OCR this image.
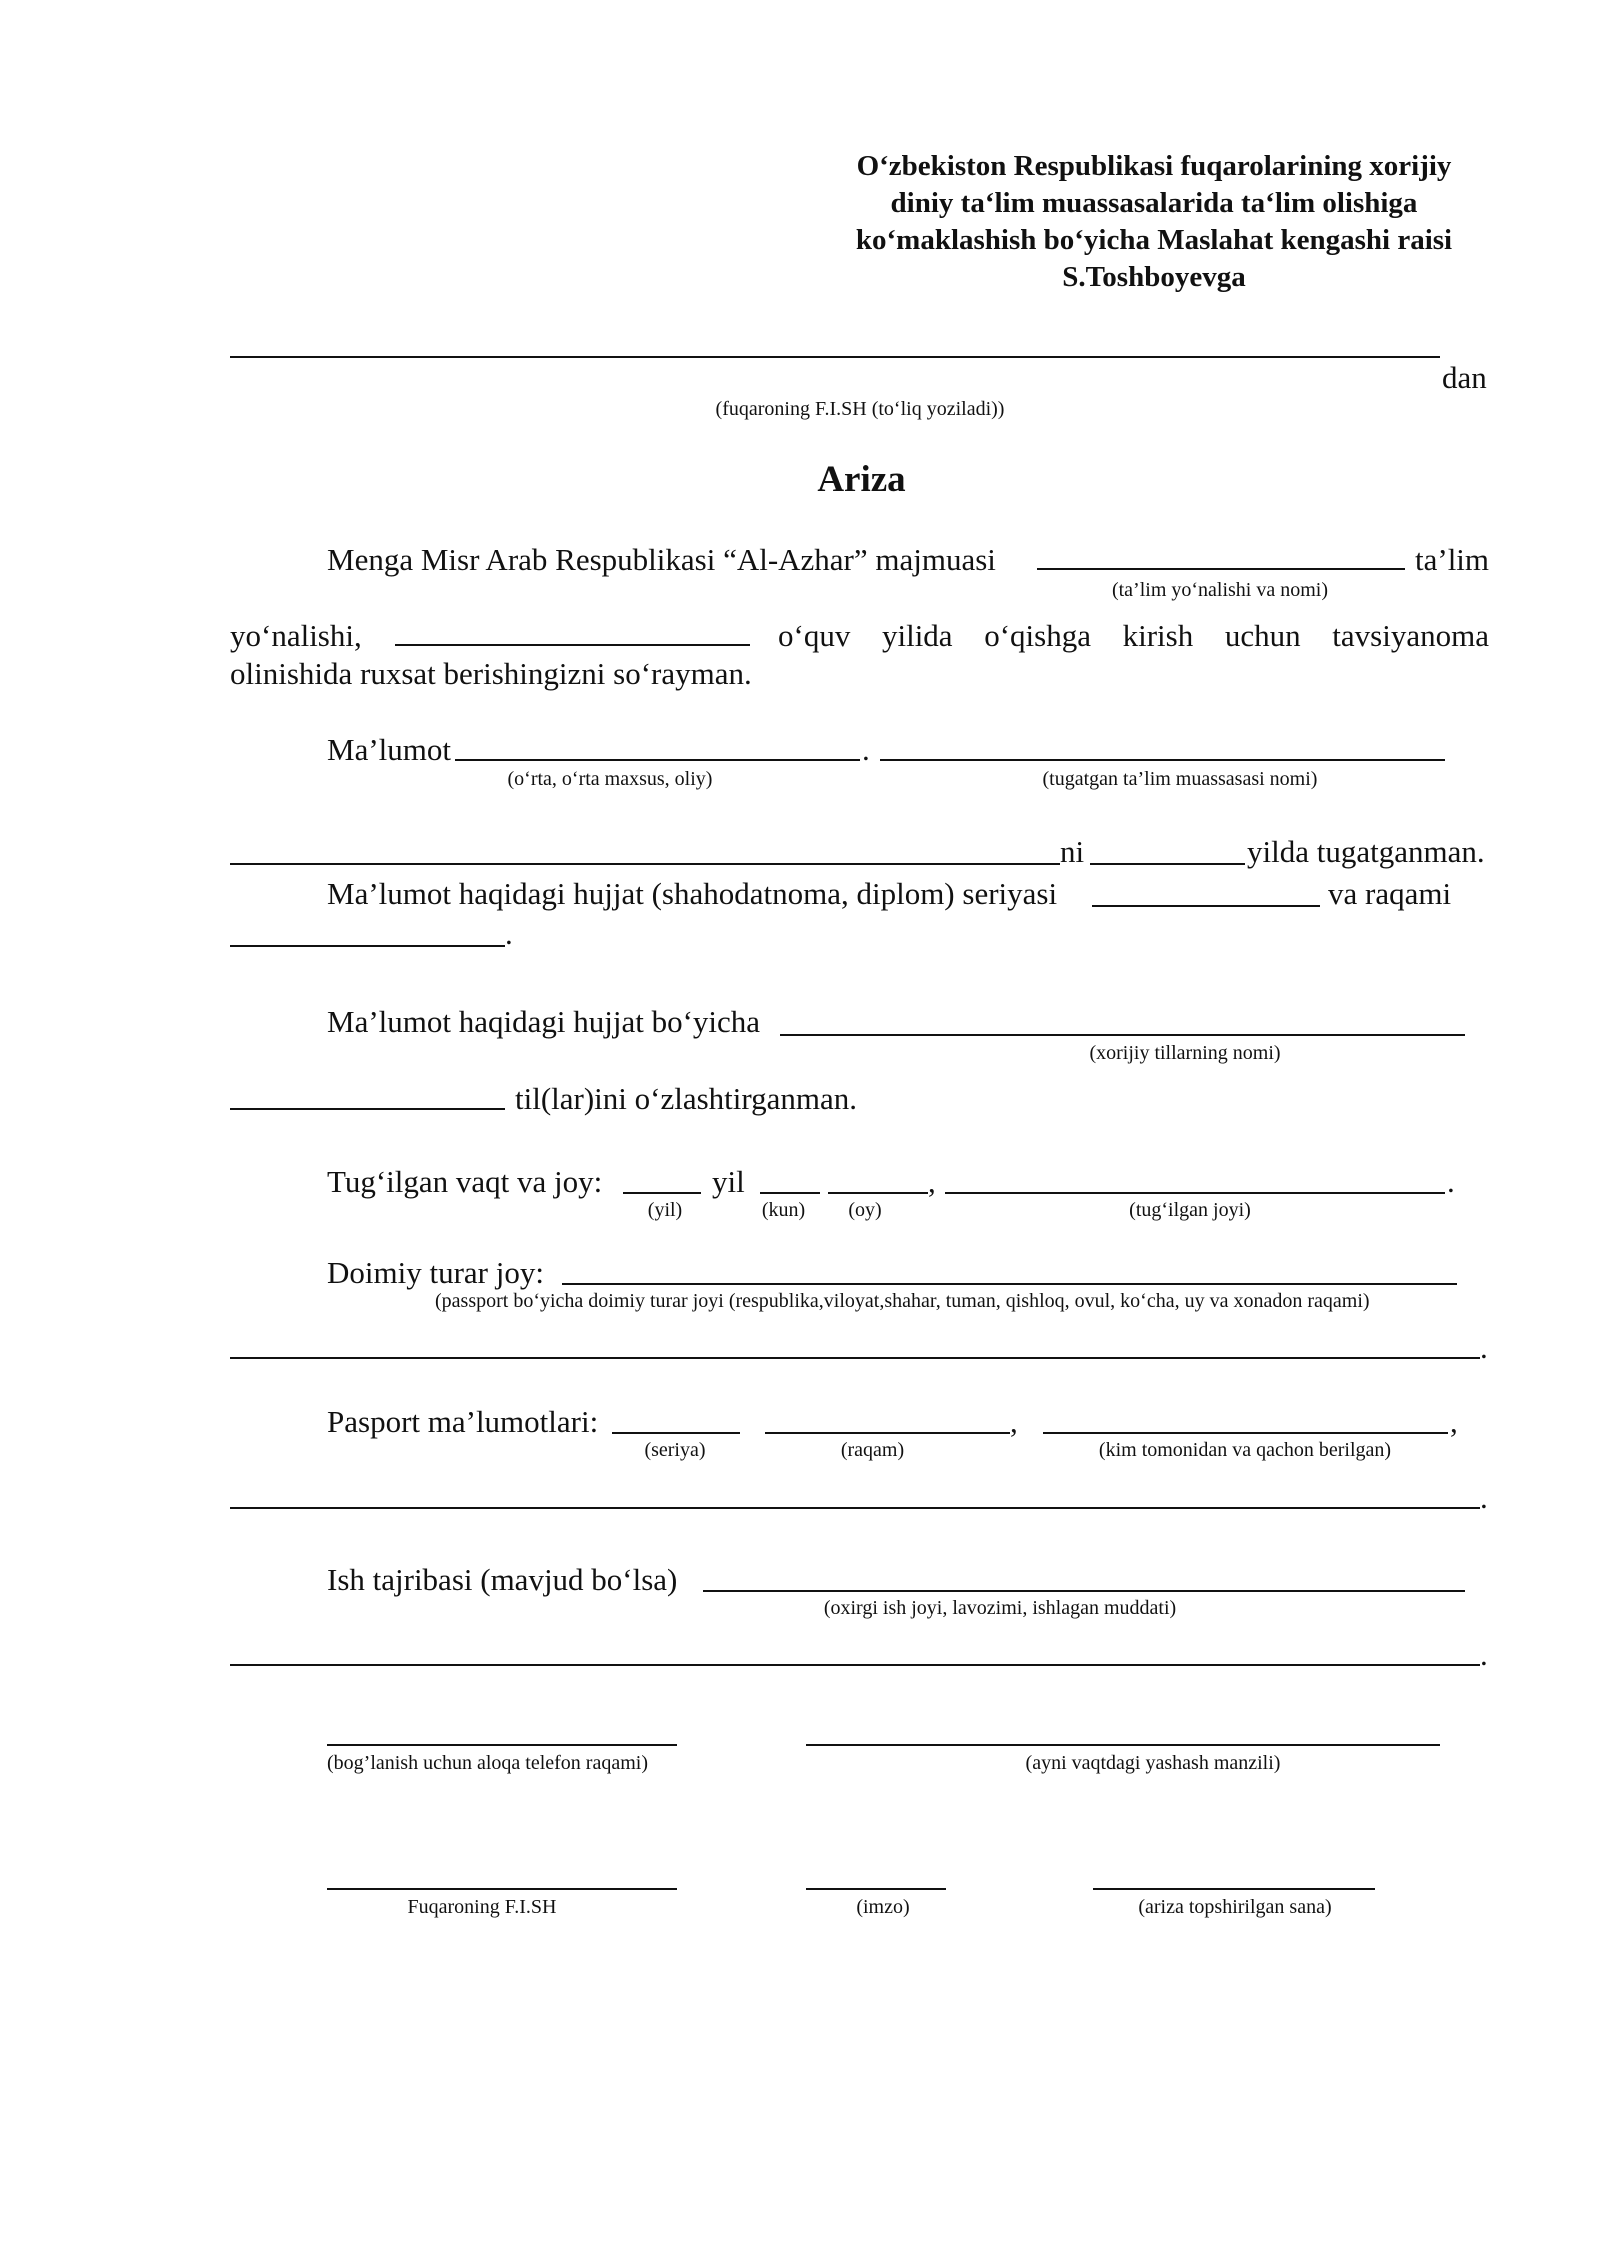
O‘zbekiston Respublikasi fuqarolarining xorijiy
diniy ta‘lim muassasalarida ta‘lim olishiga
ko‘maklashish bo‘yicha Maslahat kengashi raisi
S.Toshboyevga
dan
(fuqaroning F.I.SH (to‘liq yoziladi))
Ariza
Menga Misr Arab Respublikasi “Al-Azhar” majmuasi	ta’lim
(ta’lim yo‘nalishi va nomi)
yo‘nalishi,	o‘quv yilida o‘qishga kirish uchun tavsiyanoma
olinishida ruxsat berishingizni so‘rayman.
Ma’lumot	.
(o‘rta, o‘rta maxsus, oliy)	(tugatgan ta’lim muassasasi nomi)
ni	yilda tugatganman.
Ma’lumot haqidagi hujjat (shahodatnoma, diplom) seriyasi	va raqami
.
Ma’lumot haqidagi hujjat bo‘yicha
(xorijiy tillarning nomi)
til(lar)ini o‘zlashtirganman.
Tug‘ilgan vaqt va joy:	yil	,	.
(yil)	(kun)	(oy)	(tug‘ilgan joyi)
Doimiy turar joy:
(passport bo‘yicha doimiy turar joyi (respublika,viloyat,shahar, tuman, qishloq, ovul, ko‘cha, uy va xonadon raqami)
.
Pasport ma’lumotlari:	,	,
(seriya)	(raqam)	(kim tomonidan va qachon berilgan)
.
Ish tajribasi (mavjud bo‘lsa)
(oxirgi ish joyi, lavozimi, ishlagan muddati)
.
(bog’lanish uchun aloqa telefon raqami)	(ayni vaqtdagi yashash manzili)
Fuqaroning F.I.SH	(imzo)	(ariza topshirilgan sana)
